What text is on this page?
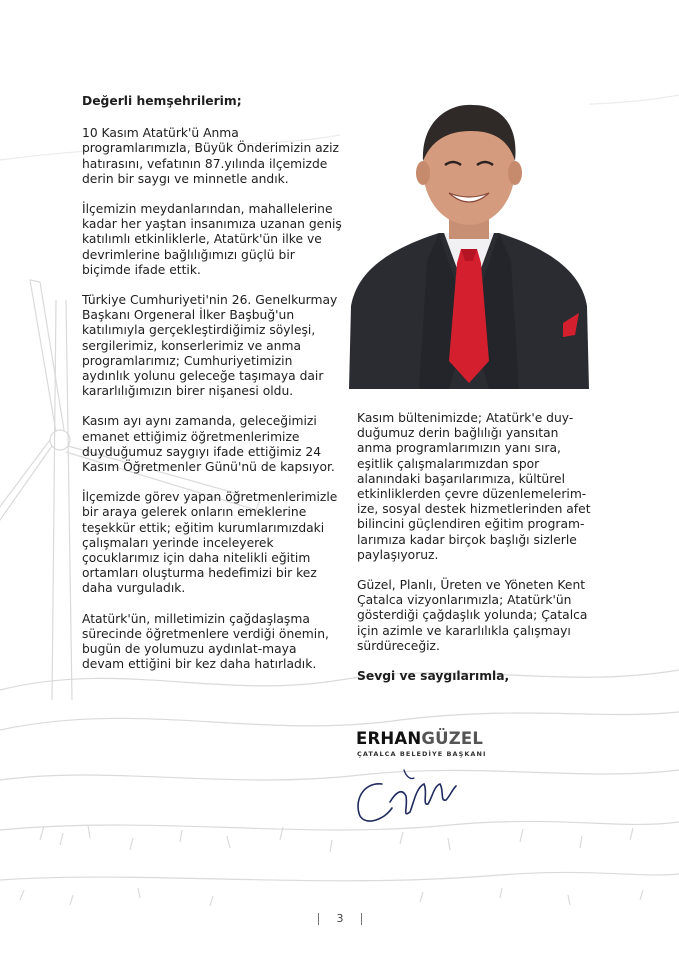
Değerli hemşehrilerim;

10 Kasım Atatürk'ü Anma programlarımızla, Büyük Önderimizin aziz hatırasını, vefatının 87.yılında ilçemizde derin bir saygı ve minnetle andık.

İlçemizin meydanlarından, mahallelerine kadar her yaştan insanımıza uzanan geniş katılımlı etkinliklerle, Atatürk'ün ilke ve devrimlerine bağlılığımızı güçlü bir biçimde ifade ettik.

Türkiye Cumhuriyeti'nin 26. Genelkurmay Başkanı Orgeneral İlker Başbuğ'un katılımıyla gerçekleştirdiğimiz söyleşi, sergilerimiz, konserlerimiz ve anma programlarımız; Cumhuriyetimizin aydınlık yolunu geleceğe taşımaya dair kararlılığımızın birer nişanesi oldu.

Kasım ayı aynı zamanda, geleceğimizi emanet ettiğimiz öğretmenlerimize duyduğumuz saygıyı ifade ettiğimiz 24 Kasım Öğretmenler Günü'nü de kapsıyor.

İlçemizde görev yapan öğretmenlerimizle bir araya gelerek onların emeklerine teşekkür ettik; eğitim kurumlarımızdaki çalışmaları yerinde inceleyerek çocuklarımız için daha nitelikli eğitim ortamları oluşturma hedefimizi bir kez daha vurguladık.

Atatürk'ün, milletimizin çağdaşlaşma sürecinde öğretmenlere verdiği önemin, bugün de yolumuzu aydınlat-maya devam ettiğini bir kez daha hatırladık.

Kasım bültenimizde; Atatürk'e duy-duğumuz derin bağlılığı yansıtan anma programlarımızın yanı sıra, eşitlik çalışmalarımızdan spor alanındaki başarılarımıza, kültürel etkinliklerden çevre düzenlemelerim-ize, sosyal destek hizmetlerinden afet bilincini güçlendiren eğitim program-larımıza kadar birçok başlığı sizlerle paylaşıyoruz.

Güzel, Planlı, Üreten ve Yöneten Kent Çatalca vizyonlarımızla; Atatürk'ün gösterdiği çağdaşlık yolunda; Çatalca için azimle ve kararlılıkla çalışmayı sürdüreceğiz.

Sevgi ve saygılarımla,

ERHANGÜZEL
ÇATALCA BELEDİYE BAŞKANI
3
